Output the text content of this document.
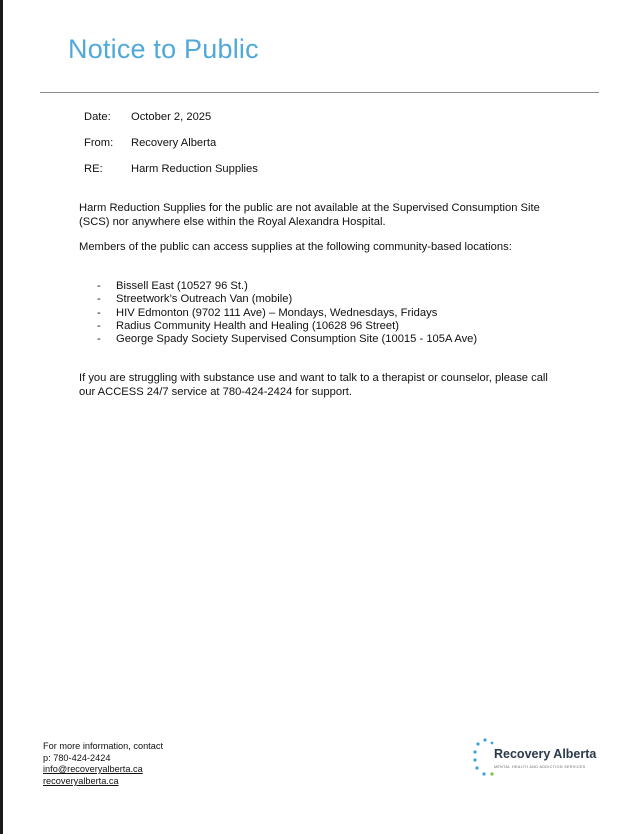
Notice to Public
Date: October 2, 2025
From: Recovery Alberta
RE:	Harm Reduction Supplies
Harm Reduction Supplies for the public are not available at the Supervised Consumption Site
(SCS) nor anywhere else within the Royal Alexandra Hospital.
Members of the public can access supplies at the following community-based locations:
- Bissell East (10527 96 St.)
- Streetwork’s Outreach Van (mobile)
- HIV Edmonton (9702 111 Ave) – Mondays, Wednesdays, Fridays
- Radius Community Health and Healing (10628 96 Street)
- George Spady Society Supervised Consumption Site (10015 - 105A Ave)
If you are struggling with substance use and want to talk to a therapist or counselor, please call
our ACCESS 24/7 service at 780-424-2424 for support.
For more information, contact
p: 780-424-2424
info@recoveryalberta.ca
recoveryalberta.ca
Recovery Alberta
MENTAL HEALTH AND ADDICTION SERVICES
